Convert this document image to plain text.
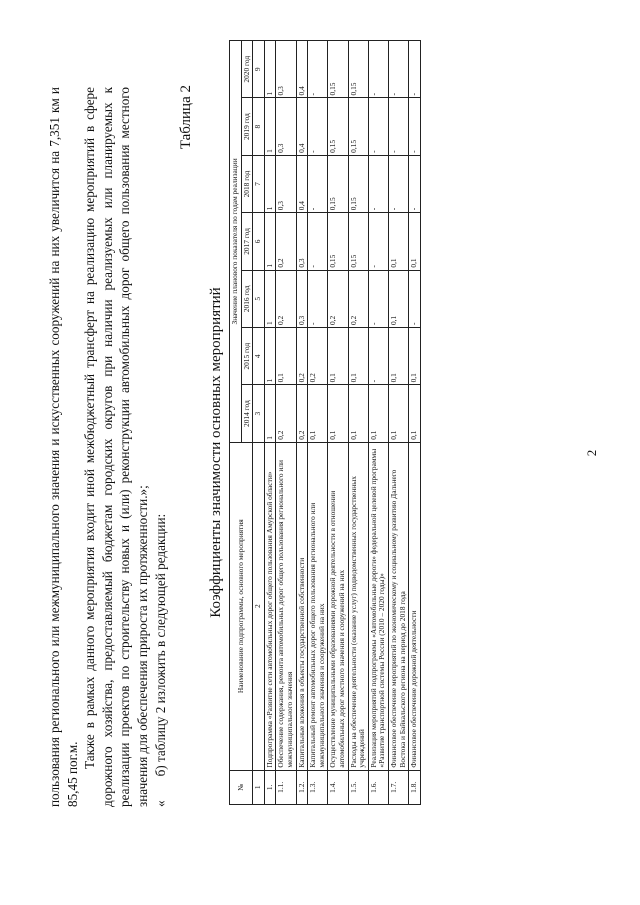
2

пользования регионального или межмуниципального значения и искусственных сооружений на них увеличится на 7,351 км и 85,45 пог.м.

Также в рамках данного мероприятия входит иной межбюджетный трансферт на реализацию мероприятий в сфере дорожного хозяйства, предоставляемый бюджетам городских округов при наличии реализуемых или планируемых к реализации проектов по строительству новых и (или) реконструкции автомобильных дорог общего пользования местного значения для обеспечения прироста их протяженности.»; «б) таблицу 2 изложить в следующей редакции:

Таблица 2
Коэффициенты значимости основных мероприятий
№	Наименование подпрограммы, основного мероприятия	Значение планового показателя по годам реализации						
		2014 год	2015 год	2016 год	2017 год	2018 год	2019 год	2020 год
1	2	3	4	5	6	7	8	9
1.	Подпрограмма «Развитие сети автомобильных дорог общего пользования Амурской области»	1	1	1	1	1	1	1
1.1.	Обеспечение содержания, ремонта автомобильных дорог общего пользования регионального или межмуниципального значения	0,2	0,1	0,2	0,2	0,3	0,3	0,3
1.2.	Капитальные вложения в объекты государственной собственности	0,2	0,2	0,3	0,3	0,4	0,4	0,4
1.3.	Капитальный ремонт автомобильных дорог общего пользования регионального или межмуниципального значения и сооружений на них	0,1	0,2	-	-	-	-	-
1.4.	Осуществление муниципальными образованиями дорожной деятельности в отношении автомобильных дорог местного значения и сооружений на них	0,1	0,1	0,2	0,15	0,15	0,15	0,15
1.5.	Расходы на обеспечение деятельности (оказание услуг) подведомственных государственных учреждений	0,1	0,1	0,2	0,15	0,15	0,15	0,15
1.6.	Реализация мероприятий подпрограммы «Автомобильные дороги» федеральной целевой программы «Развитие транспортной системы России (2010 – 2020 годы)»	0,1	-	-	-	-	-	-
1.7.	Финансовое обеспечение мероприятий по экономическому и социальному развитию Дальнего Востока и Байкальского региона на период до 2018 года	0,1	0,1	0,1	0,1	-	-	-
1.8.	Финансовое обеспечение дорожной деятельности	0,1	0,1	-	0,1	-	-	-
